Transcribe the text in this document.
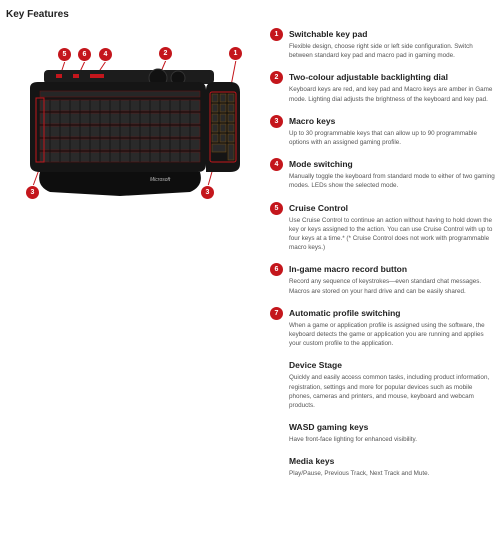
Key Features
Microsoft
5	6	4	2	1
3	3
1	Switchable key pad
Flexible design, choose right side or left side configuration. Switch between standard key pad and macro pad in gaming mode.
2	Two-colour adjustable backlighting dial
Keyboard keys are red, and key pad and Macro keys are amber in Game mode. Lighting dial adjusts the brightness of the keyboard and key pad.
3	Macro keys
Up to 30 programmable keys that can allow up to 90 programmable options with an assigned gaming profile.
4	Mode switching
Manually toggle the keyboard from standard mode to either of two gaming modes. LEDs show the selected mode.
5	Cruise Control
Use Cruise Control to continue an action without having to hold down the key or keys assigned to the action. You can use Cruise Control with up to four keys at a time.* (* Cruise Control does not work with programmable macro keys.)
6	In-game macro record button
Record any sequence of keystrokes—even standard chat messages. Macros are stored on your hard drive and can be easily shared.
7	Automatic profile switching
When a game or application profile is assigned using the software, the keyboard detects the game or application you are running and applies your custom profile to the application.
Device Stage
Quickly and easily access common tasks, including product information, registration, settings and more for popular devices such as mobile phones, cameras and printers, and mouse, keyboard and webcam products.
WASD gaming keys
Have front-face lighting for enhanced visibility.
Media keys
Play/Pause, Previous Track, Next Track and Mute.
